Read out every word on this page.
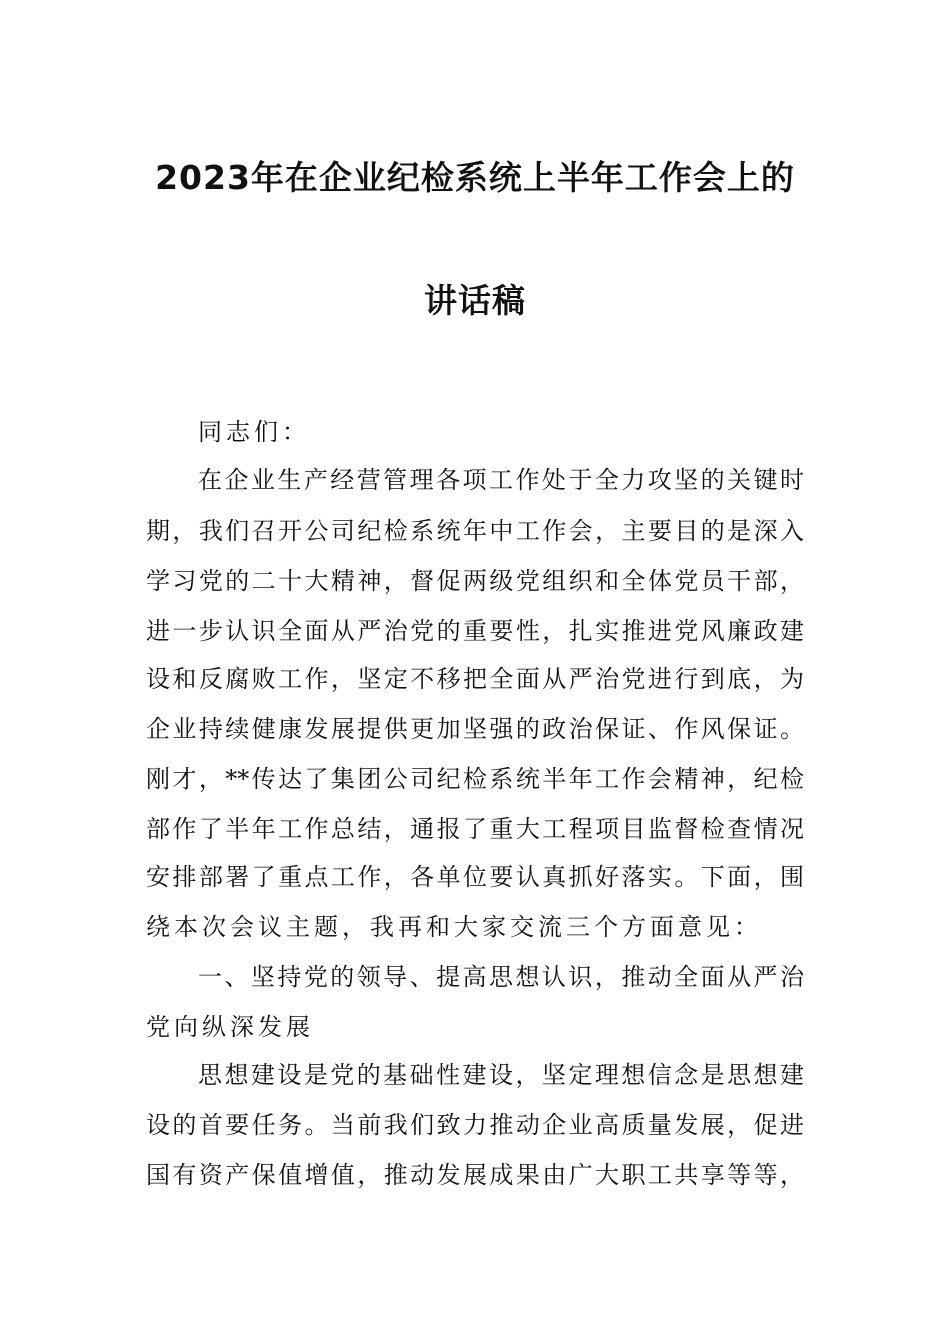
2023年在企业纪检系统上半年工作会上的
讲话稿
同志们：
在企业生产经营管理各项工作处于全力攻坚的关键时
期，我们召开公司纪检系统年中工作会，主要目的是深入
学习党的二十大精神，督促两级党组织和全体党员干部，
进一步认识全面从严治党的重要性，扎实推进党风廉政建
设和反腐败工作，坚定不移把全面从严治党进行到底，为
企业持续健康发展提供更加坚强的政治保证、作风保证。
刚才，**传达了集团公司纪检系统半年工作会精神，纪检
部作了半年工作总结，通报了重大工程项目监督检查情况
安排部署了重点工作，各单位要认真抓好落实。下面，围
绕本次会议主题，我再和大家交流三个方面意见：
一、坚持党的领导、提高思想认识，推动全面从严治
党向纵深发展
思想建设是党的基础性建设，坚定理想信念是思想建
设的首要任务。当前我们致力推动企业高质量发展，促进
国有资产保值增值，推动发展成果由广大职工共享等等，
